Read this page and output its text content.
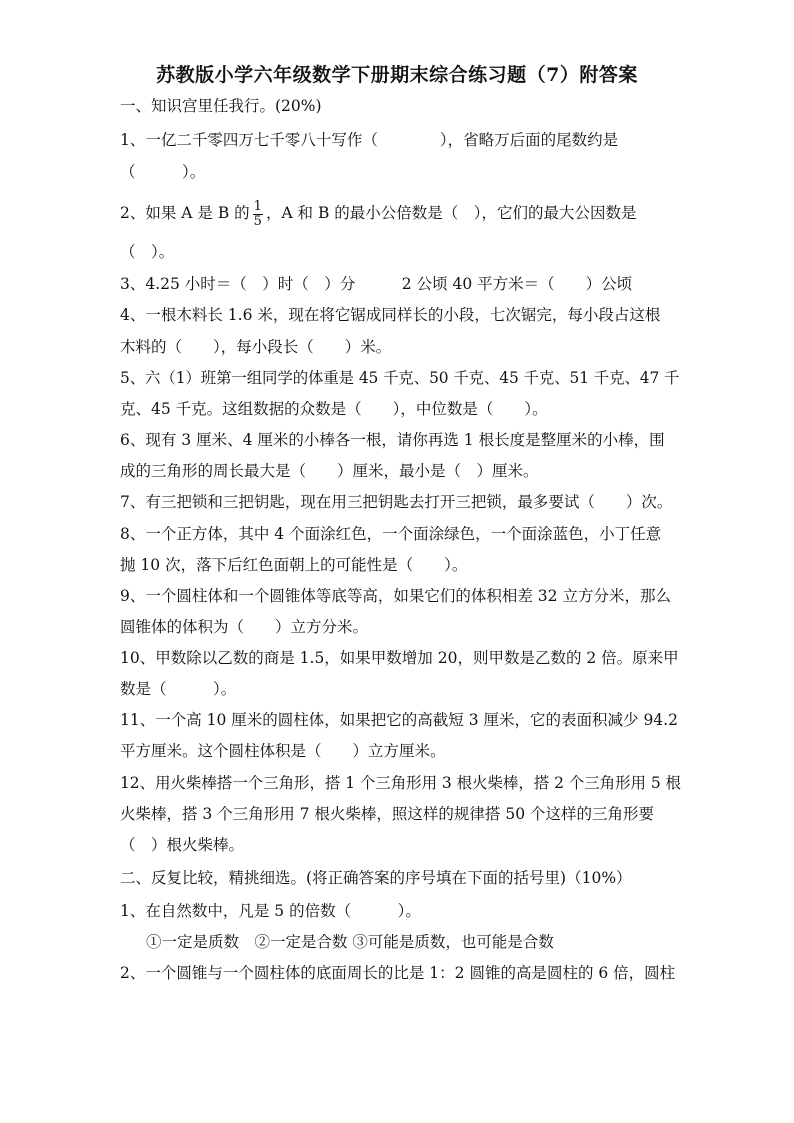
苏教版小学六年级数学下册期末综合练习题（7）附答案
一、知识宫里任我行。(20%)
1、一亿二千零四万七千零八十写作（　　　　），省略万后面的尾数约是
（　　　）。
2、如果 A 是 B 的 $\frac{1}{5}$ ，A 和 B 的最小公倍数是（　），它们的最大公因数是
（　）。
3、4.25 小时＝（　）时（　）分　　　2 公顷 40 平方米＝（　　）公顷
4、一根木料长 1.6 米，现在将它锯成同样长的小段，七次锯完，每小段占这根
木料的（　　），每小段长（　　）米。
5、六（1）班第一组同学的体重是 45 千克、50 千克、45 千克、51 千克、47 千
克、45 千克。这组数据的众数是（　　），中位数是（　　）。
6、现有 3 厘米、4 厘米的小棒各一根，请你再选 1 根长度是整厘米的小棒，围
成的三角形的周长最大是（　　）厘米，最小是（　）厘米。
7、有三把锁和三把钥匙，现在用三把钥匙去打开三把锁，最多要试（　　）次。
8、一个正方体，其中 4 个面涂红色，一个面涂绿色，一个面涂蓝色，小丁任意
抛 10 次，落下后红色面朝上的可能性是（　　）。
9、一个圆柱体和一个圆锥体等底等高，如果它们的体积相差 32 立方分米，那么
圆锥体的体积为（　　）立方分米。
10、甲数除以乙数的商是 1.5，如果甲数增加 20，则甲数是乙数的 2 倍。原来甲
数是（　　　）。
11、一个高 10 厘米的圆柱体，如果把它的高截短 3 厘米，它的表面积减少 94.2
平方厘米。这个圆柱体积是（　　）立方厘米。
12、用火柴棒搭一个三角形，搭 1 个三角形用 3 根火柴棒，搭 2 个三角形用 5 根
火柴棒，搭 3 个三角形用 7 根火柴棒，照这样的规律搭 50 个这样的三角形要
（　）根火柴棒。
二、反复比较，精挑细选。(将正确答案的序号填在下面的括号里)（10%）
1、在自然数中，凡是 5 的倍数（　　　）。
①一定是质数　②一定是合数 ③可能是质数，也可能是合数
2、一个圆锥与一个圆柱体的底面周长的比是 1：2 圆锥的高是圆柱的 6 倍，圆柱
